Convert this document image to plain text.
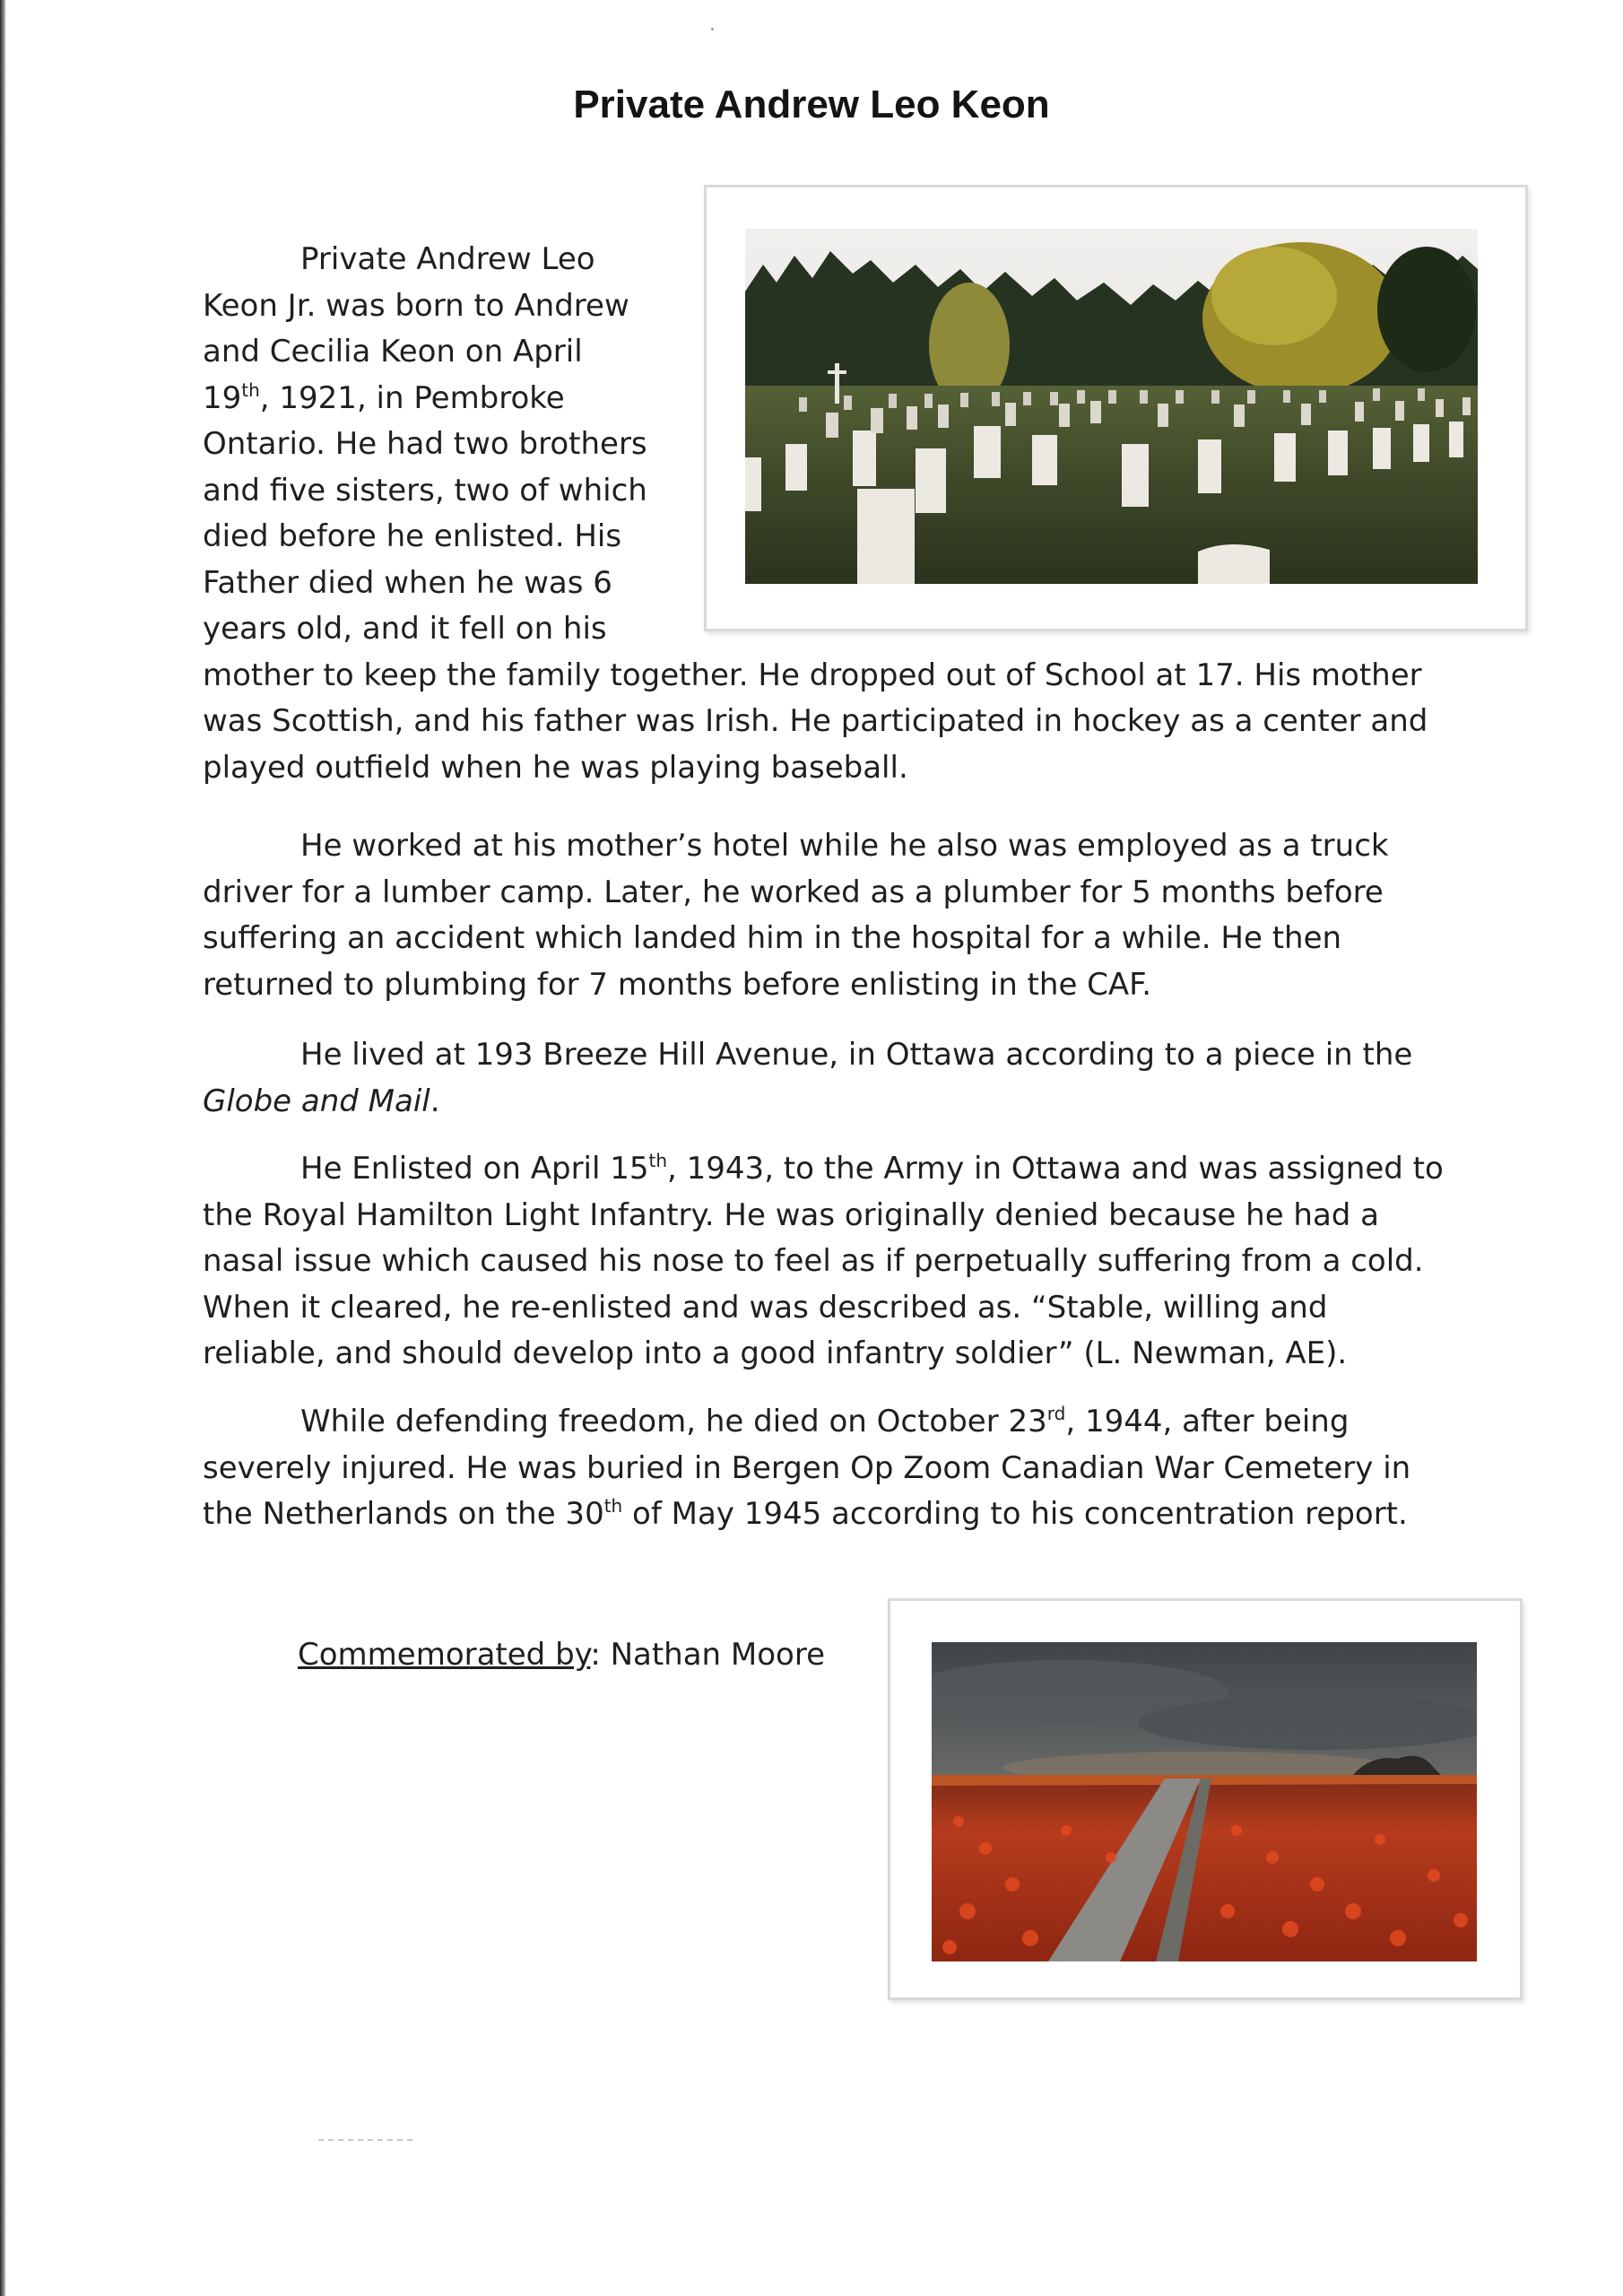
Private Andrew Leo Keon
Private Andrew Leo
Keon Jr. was born to Andrew
and Cecilia Keon on April
19th, 1921, in Pembroke
Ontario. He had two brothers
and five sisters, two of which
died before he enlisted. His
Father died when he was 6
years old, and it fell on his
mother to keep the family together. He dropped out of School at 17. His mother
was Scottish, and his father was Irish. He participated in hockey as a center and
played outfield when he was playing baseball.
He worked at his mother’s hotel while he also was employed as a truck
driver for a lumber camp. Later, he worked as a plumber for 5 months before
suffering an accident which landed him in the hospital for a while. He then
returned to plumbing for 7 months before enlisting in the CAF.
He lived at 193 Breeze Hill Avenue, in Ottawa according to a piece in the
Globe and Mail.
He Enlisted on April 15th, 1943, to the Army in Ottawa and was assigned to
the Royal Hamilton Light Infantry. He was originally denied because he had a
nasal issue which caused his nose to feel as if perpetually suffering from a cold.
When it cleared, he re-enlisted and was described as. “Stable, willing and
reliable, and should develop into a good infantry soldier” (L. Newman, AE).
While defending freedom, he died on October 23rd, 1944, after being
severely injured. He was buried in Bergen Op Zoom Canadian War Cemetery in
the Netherlands on the 30th of May 1945 according to his concentration report.
Commemorated by: Nathan Moore
